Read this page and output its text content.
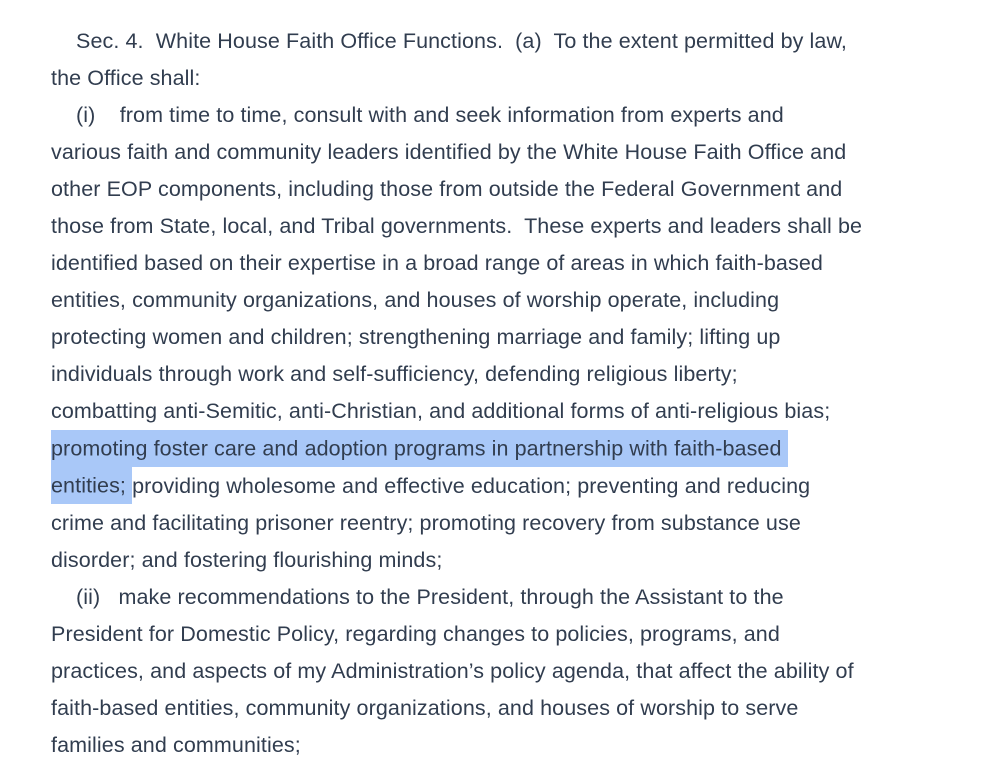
Sec. 4.  White House Faith Office Functions.  (a)  To the extent permitted by law,
the Office shall:
(i)    from time to time, consult with and seek information from experts and
various faith and community leaders identified by the White House Faith Office and
other EOP components, including those from outside the Federal Government and
those from State, local, and Tribal governments.  These experts and leaders shall be
identified based on their expertise in a broad range of areas in which faith-based
entities, community organizations, and houses of worship operate, including
protecting women and children; strengthening marriage and family; lifting up
individuals through work and self-sufficiency, defending religious liberty;
combatting anti-Semitic, anti-Christian, and additional forms of anti-religious bias;
promoting foster care and adoption programs in partnership with faith-based
entities; providing wholesome and effective education; preventing and reducing
crime and facilitating prisoner reentry; promoting recovery from substance use
disorder; and fostering flourishing minds;
(ii)   make recommendations to the President, through the Assistant to the
President for Domestic Policy, regarding changes to policies, programs, and
practices, and aspects of my Administration’s policy agenda, that affect the ability of
faith-based entities, community organizations, and houses of worship to serve
families and communities;
